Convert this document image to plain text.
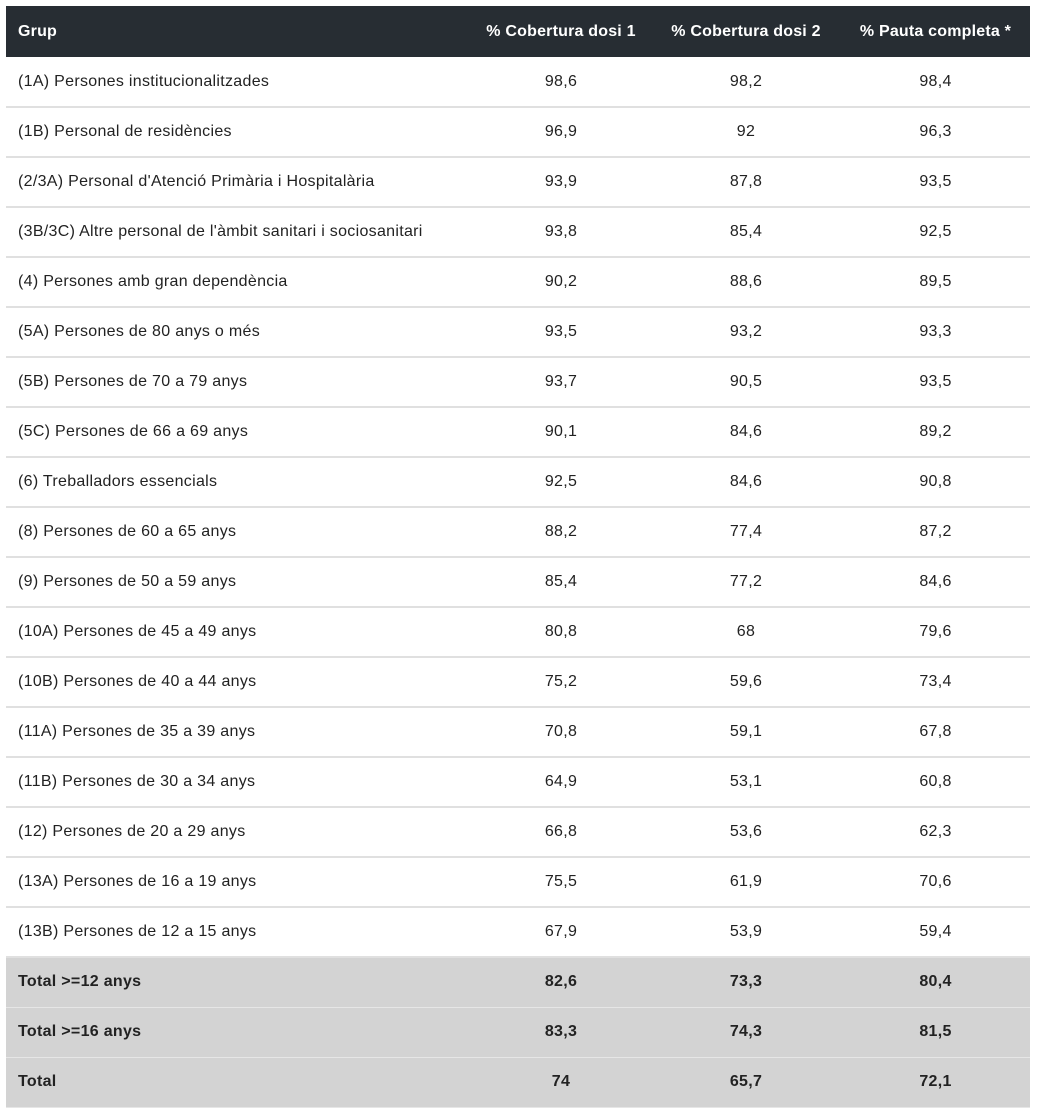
Grup	% Cobertura dosi 1	% Cobertura dosi 2	% Pauta completa *
(1A) Persones institucionalitzades	98,6	98,2	98,4
(1B) Personal de residències	96,9	92	96,3
(2/3A) Personal d'Atenció Primària i Hospitalària	93,9	87,8	93,5
(3B/3C) Altre personal de l'àmbit sanitari i sociosanitari	93,8	85,4	92,5
(4) Persones amb gran dependència	90,2	88,6	89,5
(5A) Persones de 80 anys o més	93,5	93,2	93,3
(5B) Persones de 70 a 79 anys	93,7	90,5	93,5
(5C) Persones de 66 a 69 anys	90,1	84,6	89,2
(6) Treballadors essencials	92,5	84,6	90,8
(8) Persones de 60 a 65 anys	88,2	77,4	87,2
(9) Persones de 50 a 59 anys	85,4	77,2	84,6
(10A) Persones de 45 a 49 anys	80,8	68	79,6
(10B) Persones de 40 a 44 anys	75,2	59,6	73,4
(11A) Persones de 35 a 39 anys	70,8	59,1	67,8
(11B) Persones de 30 a 34 anys	64,9	53,1	60,8
(12) Persones de 20 a 29 anys	66,8	53,6	62,3
(13A) Persones de 16 a 19 anys	75,5	61,9	70,6
(13B) Persones de 12 a 15 anys	67,9	53,9	59,4
Total >=12 anys	82,6	73,3	80,4
Total >=16 anys	83,3	74,3	81,5
Total	74	65,7	72,1
